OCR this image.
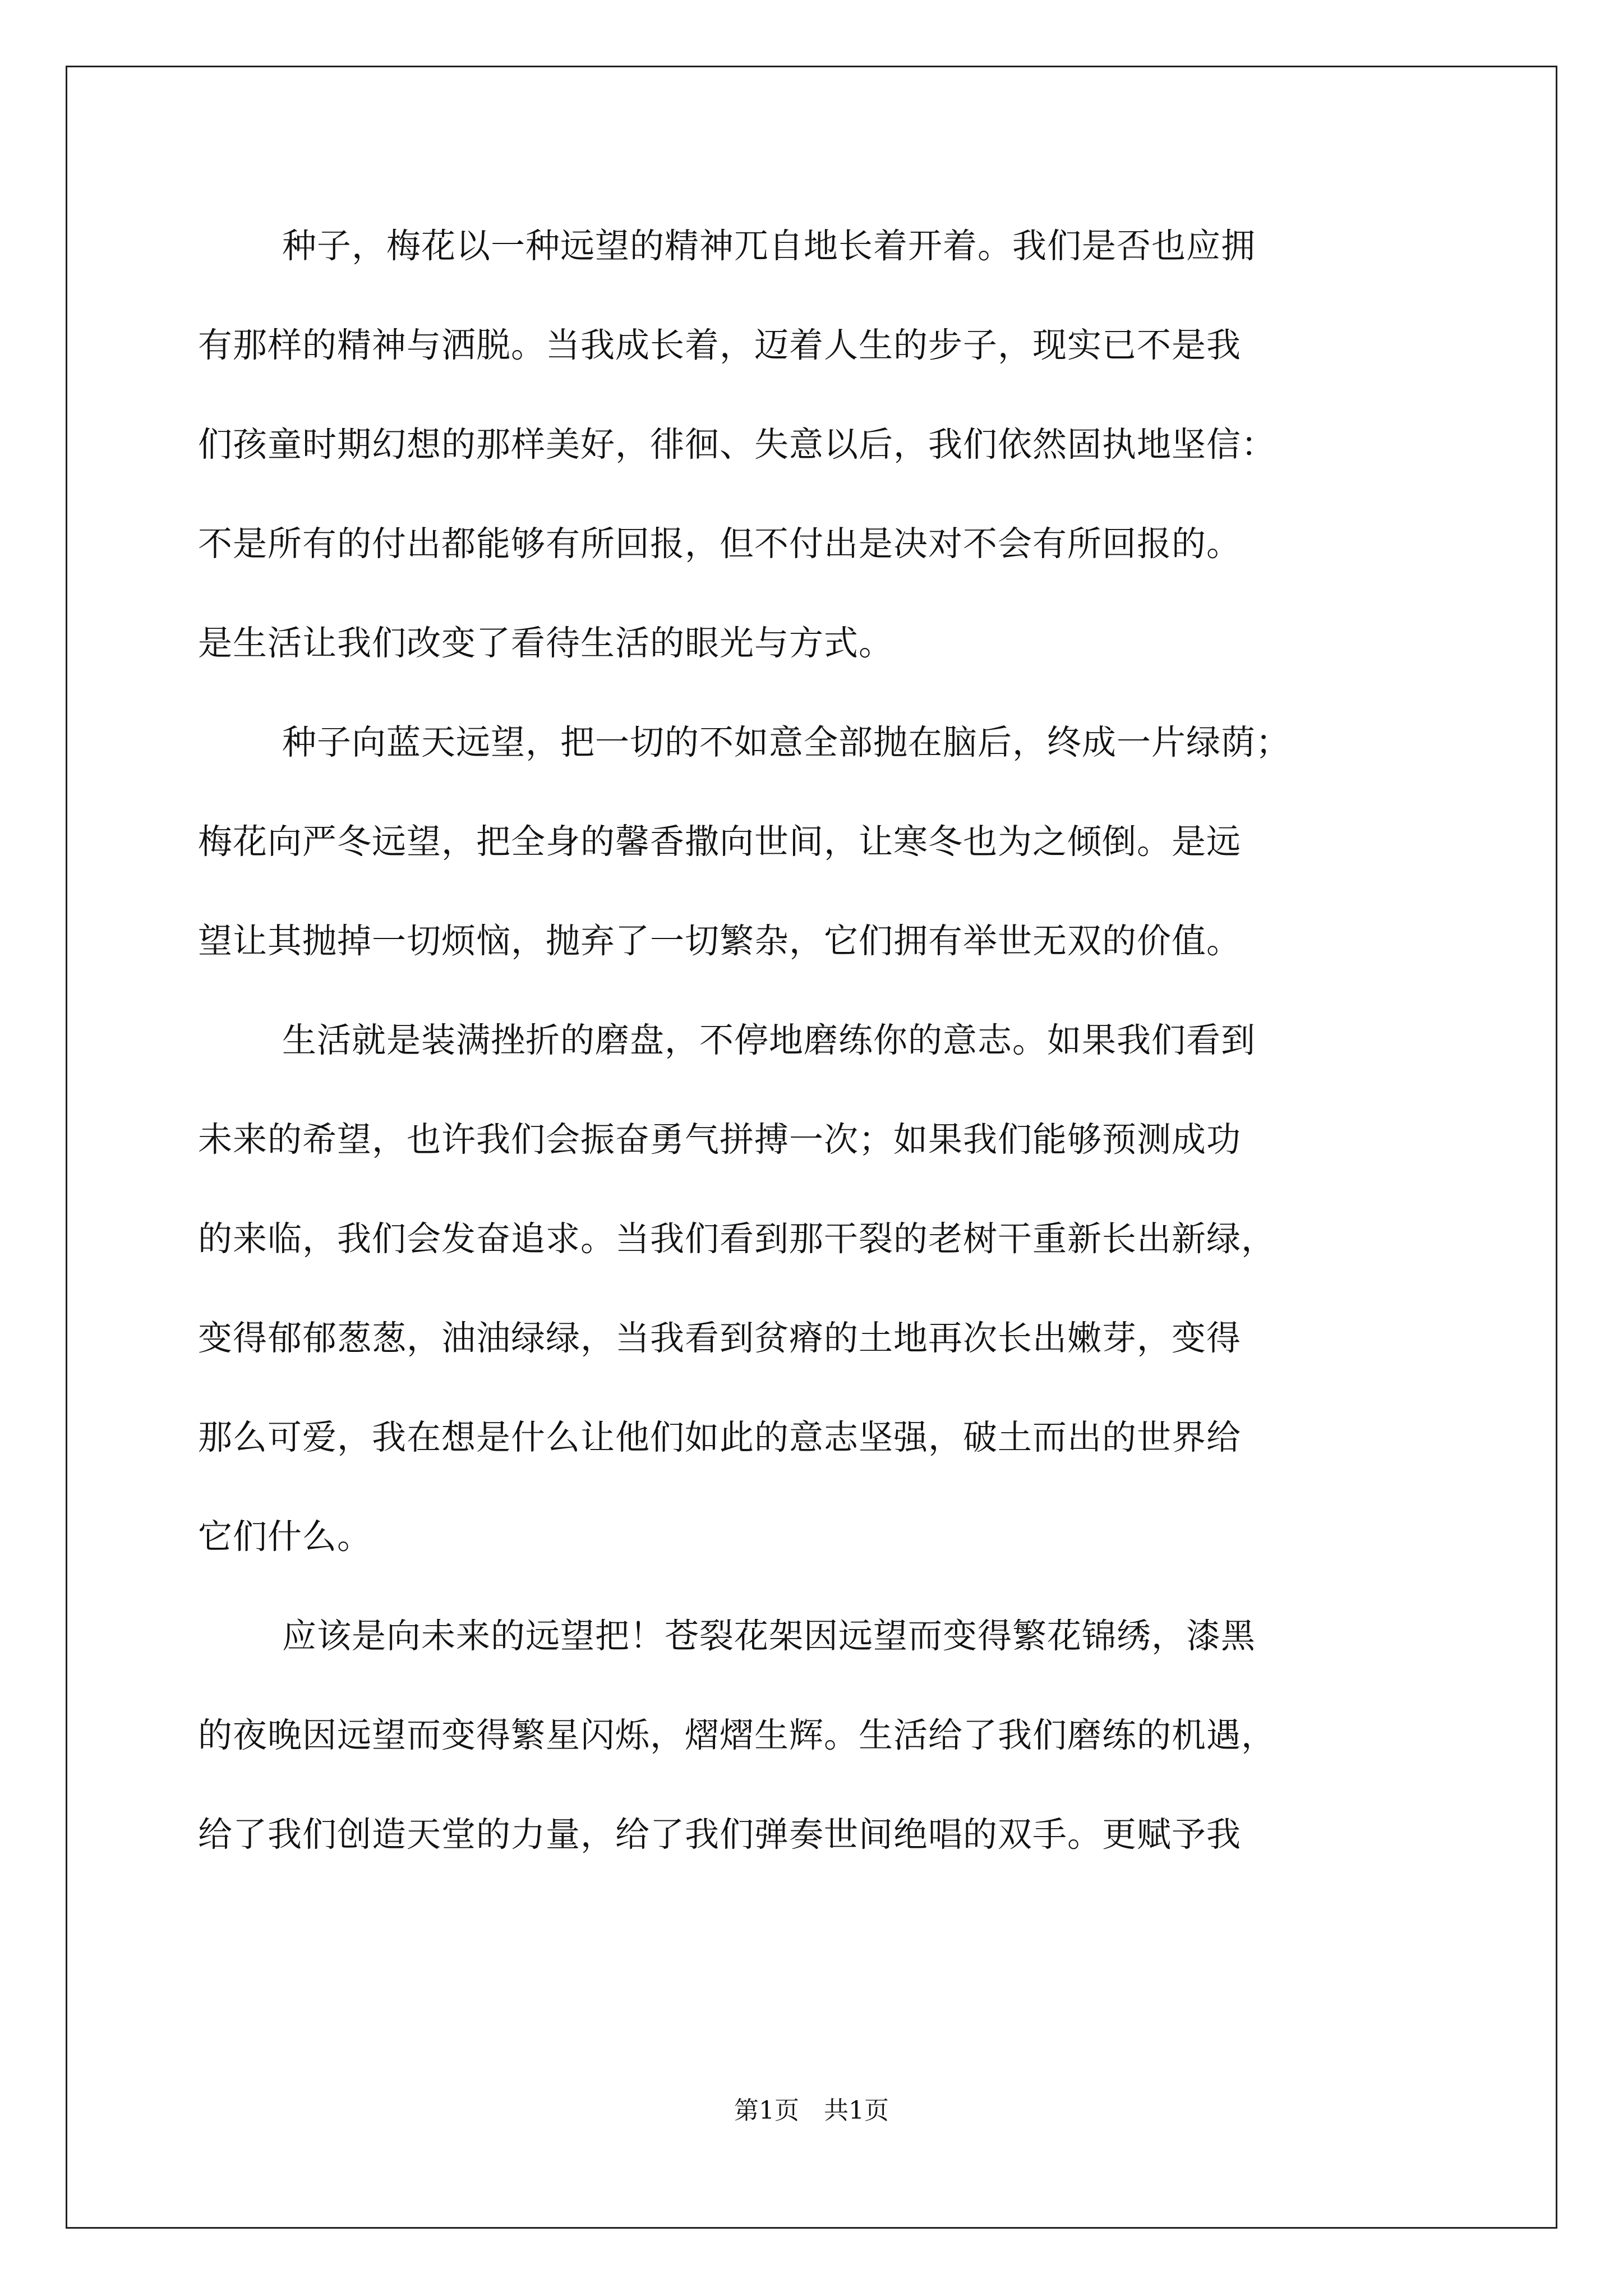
种子，梅花以一种远望的精神兀自地长着开着。我们是否也应拥
有那样的精神与洒脱。当我成长着，迈着人生的步子，现实已不是我
们孩童时期幻想的那样美好，徘徊、失意以后，我们依然固执地坚信：
不是所有的付出都能够有所回报，但不付出是决对不会有所回报的。
是生活让我们改变了看待生活的眼光与方式。
种子向蓝天远望，把一切的不如意全部抛在脑后，终成一片绿荫；
梅花向严冬远望，把全身的馨香撒向世间，让寒冬也为之倾倒。是远
望让其抛掉一切烦恼，抛弃了一切繁杂，它们拥有举世无双的价值。
生活就是装满挫折的磨盘，不停地磨练你的意志。如果我们看到
未来的希望，也许我们会振奋勇气拼搏一次；如果我们能够预测成功
的来临，我们会发奋追求。当我们看到那干裂的老树干重新长出新绿，
变得郁郁葱葱，油油绿绿，当我看到贫瘠的土地再次长出嫩芽，变得
那么可爱，我在想是什么让他们如此的意志坚强，破土而出的世界给
它们什么。
应该是向未来的远望把！苍裂花架因远望而变得繁花锦绣，漆黑
的夜晚因远望而变得繁星闪烁，熠熠生辉。生活给了我们磨练的机遇，
给了我们创造天堂的力量，给了我们弹奏世间绝唱的双手。更赋予我
第1页　共1页
